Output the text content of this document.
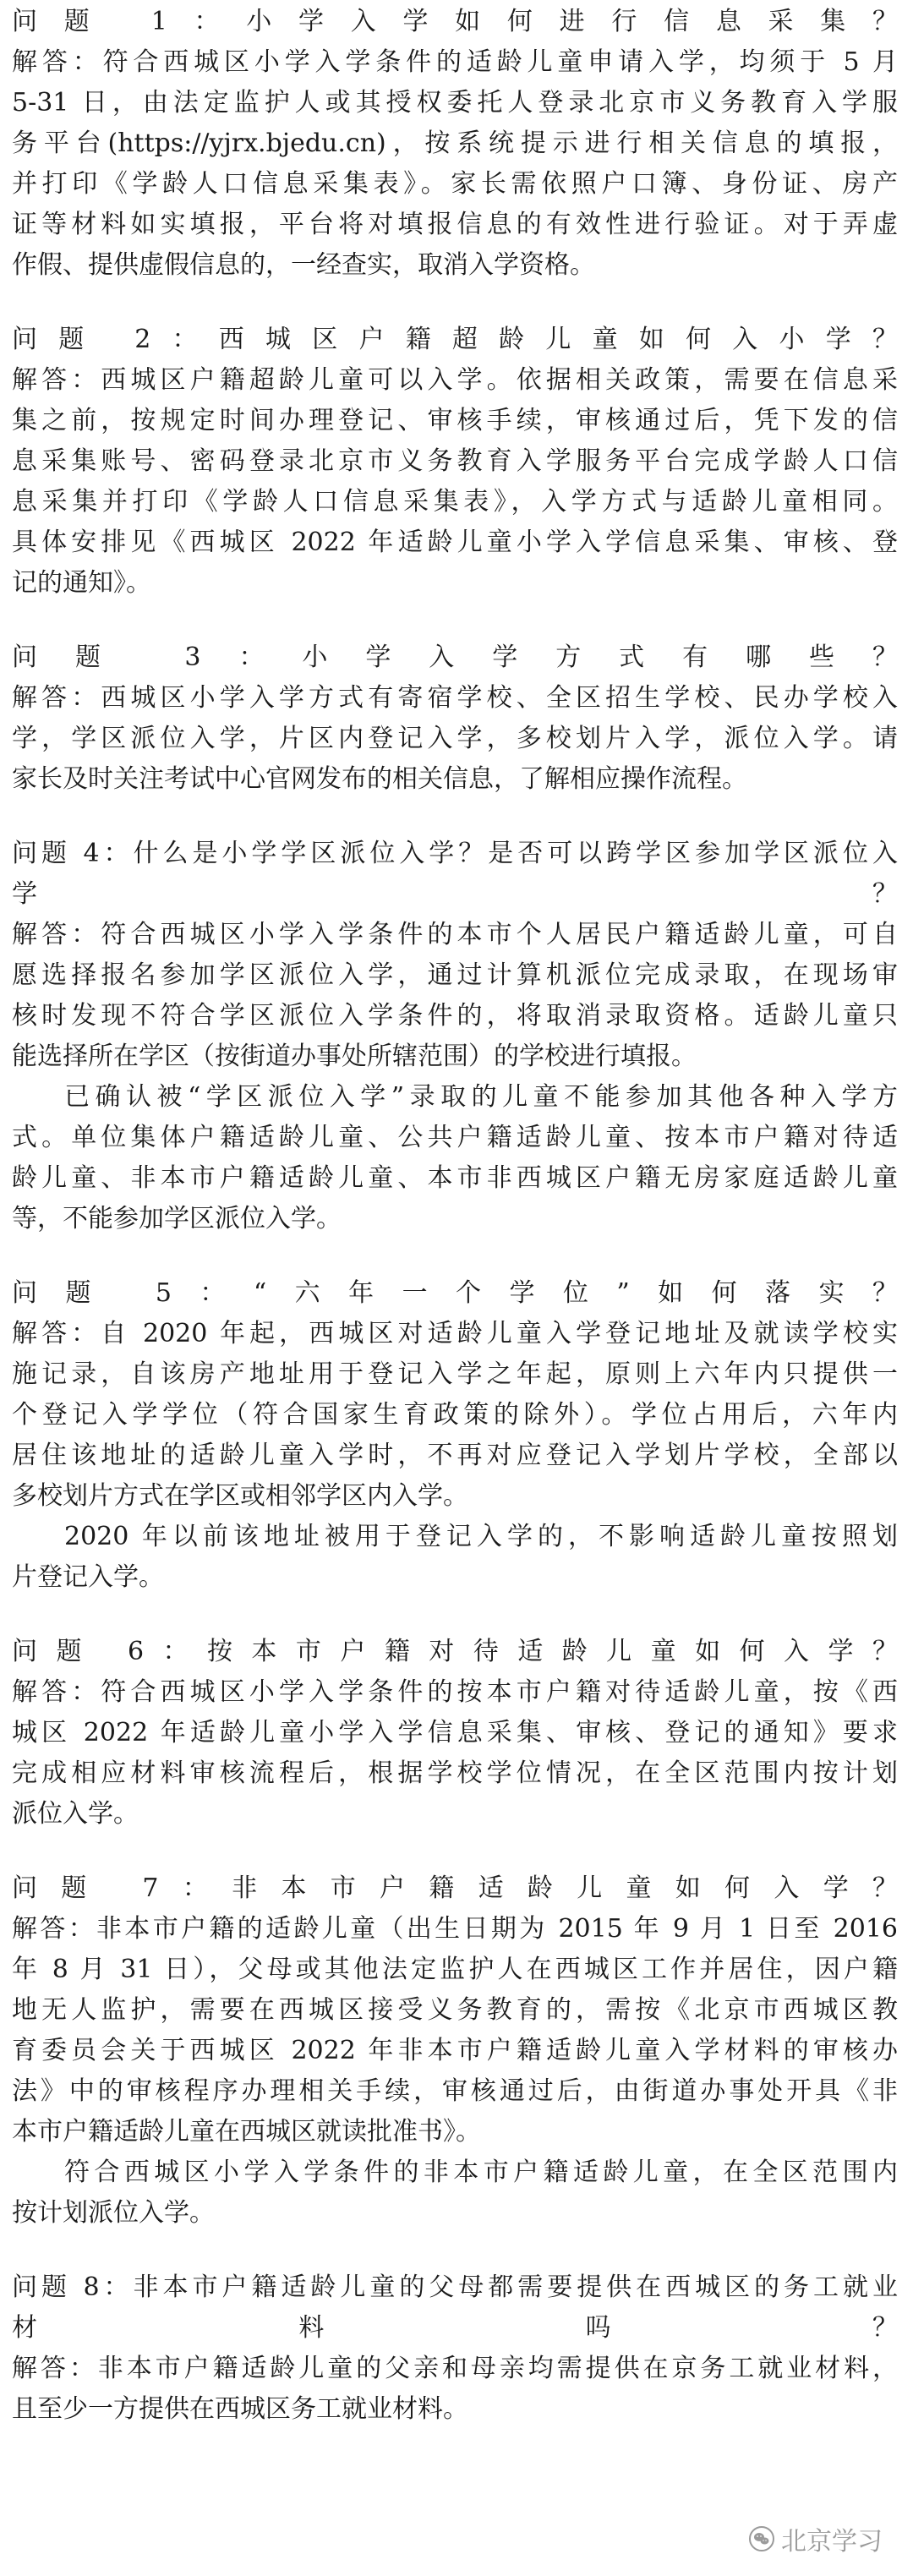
问题 1：小学入学如何进行信息采集？

解答：符合西城区小学入学条件的适龄儿童申请入学，均须于 5 月

5-31 日，由法定监护人或其授权委托人登录北京市义务教育入学服

务平台(https://yjrx.bjedu.cn)，按系统提示进行相关信息的填报，

并打印《学龄人口信息采集表》。家长需依照户口簿、身份证、房产

证等材料如实填报，平台将对填报信息的有效性进行验证。对于弄虚

作假、提供虚假信息的，一经查实，取消入学资格。

问题 2：西城区户籍超龄儿童如何入小学？

解答：西城区户籍超龄儿童可以入学。依据相关政策，需要在信息采

集之前，按规定时间办理登记、审核手续，审核通过后，凭下发的信

息采集账号、密码登录北京市义务教育入学服务平台完成学龄人口信

息采集并打印《学龄人口信息采集表》，入学方式与适龄儿童相同。

具体安排见《西城区 2022 年适龄儿童小学入学信息采集、审核、登

记的通知》。

问题 3：小学入学方式有哪些？

解答：西城区小学入学方式有寄宿学校、全区招生学校、民办学校入

学，学区派位入学，片区内登记入学，多校划片入学，派位入学。请

家长及时关注考试中心官网发布的相关信息，了解相应操作流程。

问题 4：什么是小学学区派位入学？是否可以跨学区参加学区派位入

学？

解答：符合西城区小学入学条件的本市个人居民户籍适龄儿童，可自

愿选择报名参加学区派位入学，通过计算机派位完成录取，在现场审

核时发现不符合学区派位入学条件的，将取消录取资格。适龄儿童只

能选择所在学区（按街道办事处所辖范围）的学校进行填报。

已确认被“学区派位入学”录取的儿童不能参加其他各种入学方

式。单位集体户籍适龄儿童、公共户籍适龄儿童、按本市户籍对待适

龄儿童、非本市户籍适龄儿童、本市非西城区户籍无房家庭适龄儿童

等，不能参加学区派位入学。

问题 5：“六年一个学位”如何落实？

解答：自 2020 年起，西城区对适龄儿童入学登记地址及就读学校实

施记录，自该房产地址用于登记入学之年起，原则上六年内只提供一

个登记入学学位（符合国家生育政策的除外）。学位占用后，六年内

居住该地址的适龄儿童入学时，不再对应登记入学划片学校，全部以

多校划片方式在学区或相邻学区内入学。

2020 年以前该地址被用于登记入学的，不影响适龄儿童按照划

片登记入学。

问题 6：按本市户籍对待适龄儿童如何入学？

解答：符合西城区小学入学条件的按本市户籍对待适龄儿童，按《西

城区 2022 年适龄儿童小学入学信息采集、审核、登记的通知》要求

完成相应材料审核流程后，根据学校学位情况，在全区范围内按计划

派位入学。

问题 7：非本市户籍适龄儿童如何入学？

解答：非本市户籍的适龄儿童（出生日期为 2015 年 9 月 1 日至 2016

年 8 月 31 日），父母或其他法定监护人在西城区工作并居住，因户籍

地无人监护，需要在西城区接受义务教育的，需按《北京市西城区教

育委员会关于西城区 2022 年非本市户籍适龄儿童入学材料的审核办

法》中的审核程序办理相关手续，审核通过后，由街道办事处开具《非

本市户籍适龄儿童在西城区就读批准书》。

符合西城区小学入学条件的非本市户籍适龄儿童，在全区范围内

按计划派位入学。

问题 8：非本市户籍适龄儿童的父母都需要提供在西城区的务工就业

材料吗？

解答：非本市户籍适龄儿童的父亲和母亲均需提供在京务工就业材料，

且至少一方提供在西城区务工就业材料。

北京学习
